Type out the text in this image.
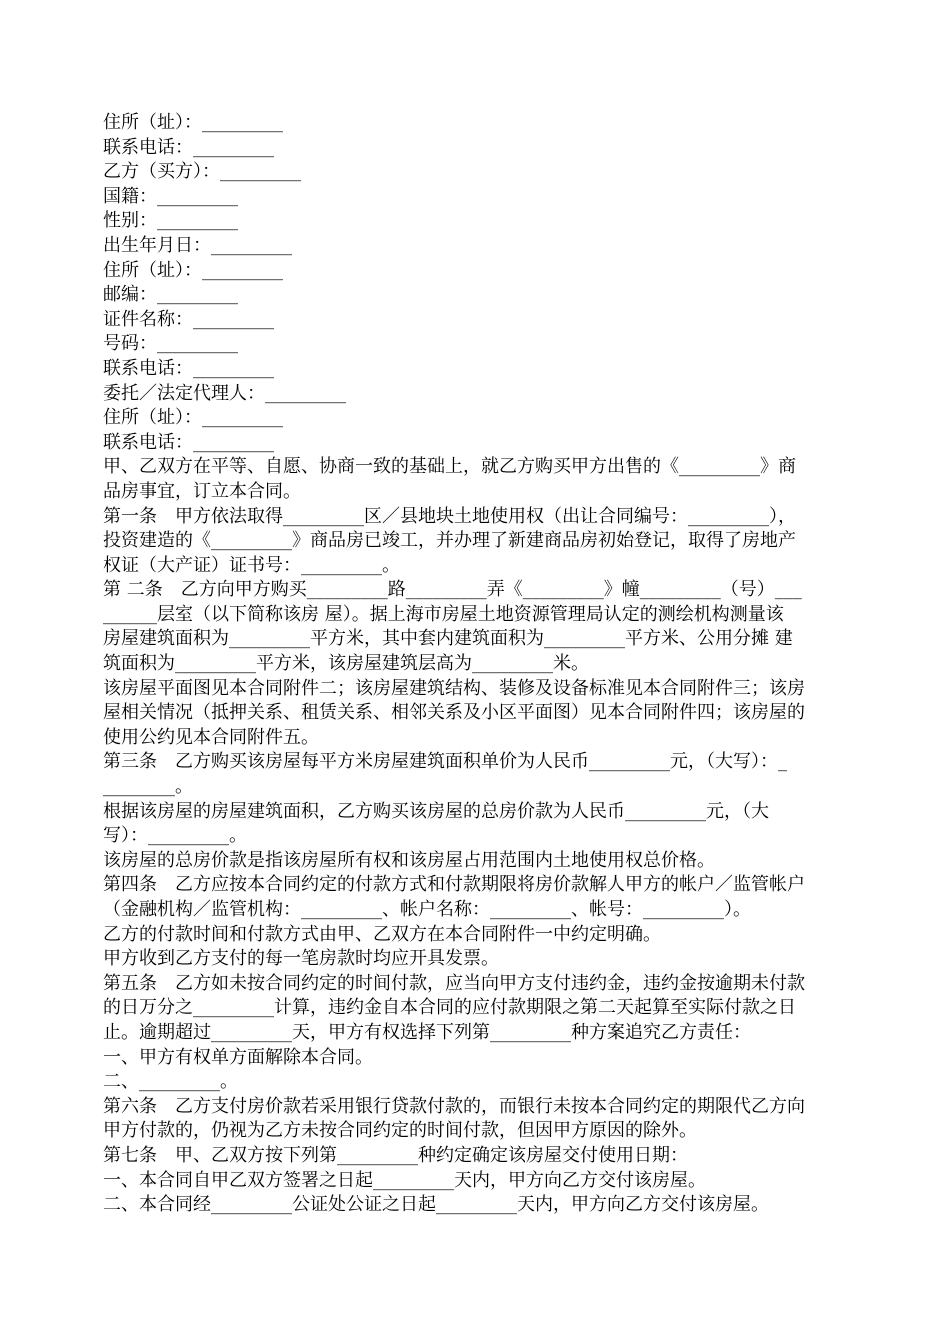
住所（址）：_________
联系电话：_________
乙方（买方）：_________
国籍：_________
性别：_________
出生年月日：_________
住所（址）：_________
邮编：_________
证件名称：_________
号码：_________
联系电话：_________
委托／法定代理人：_________
住所（址）：_________
联系电话：_________
甲、乙双方在平等、自愿、协商一致的基础上，就乙方购买甲方出售的《_________》商
品房事宜，订立本合同。
第一条　甲方依法取得_________区／县地块土地使用权（出让合同编号：_________），
投资建造的《_________》商品房已竣工，并办理了新建商品房初始登记，取得了房地产
权证（大产证）证书号：_________。
第 二条　乙方向甲方购买_________路_________弄《_________》幢_________（号）___
______层室（以下简称该房 屋）。据上海市房屋土地资源管理局认定的测绘机构测量该
房屋建筑面积为_________平方米，其中套内建筑面积为_________平方米、公用分摊 建
筑面积为_________平方米，该房屋建筑层高为_________米。
该房屋平面图见本合同附件二；该房屋建筑结构、装修及设备标准见本合同附件三；该房
屋相关情况（抵押关系、租赁关系、相邻关系及小区平面图）见本合同附件四；该房屋的
使用公约见本合同附件五。
第三条　乙方购买该房屋每平方米房屋建筑面积单价为人民币_________元，（大写）：_
________。
根据该房屋的房屋建筑面积，乙方购买该房屋的总房价款为人民币_________元，（大
写）：_________。
该房屋的总房价款是指该房屋所有权和该房屋占用范围内土地使用权总价格。
第四条　乙方应按本合同约定的付款方式和付款期限将房价款解人甲方的帐户／监管帐户
（金融机构／监管机构：_________、帐户名称：_________、帐号：_________）。
乙方的付款时间和付款方式由甲、乙双方在本合同附件一中约定明确。
甲方收到乙方支付的每一笔房款时均应开具发票。
第五条　乙方如未按合同约定的时间付款，应当向甲方支付违约金，违约金按逾期未付款
的日万分之_________计算，违约金自本合同的应付款期限之第二天起算至实际付款之日
止。逾期超过_________天，甲方有权选择下列第_________种方案追究乙方责任：
一、甲方有权单方面解除本合同。
二、_________。
第六条　乙方支付房价款若采用银行贷款付款的，而银行未按本合同约定的期限代乙方向
甲方付款的，仍视为乙方未按合同约定的时间付款，但因甲方原因的除外。
第七条　甲、乙双方按下列第_________种约定确定该房屋交付使用日期：
一、本合同自甲乙双方签署之日起_________天内，甲方向乙方交付该房屋。
二、本合同经_________公证处公证之日起_________天内，甲方向乙方交付该房屋。
